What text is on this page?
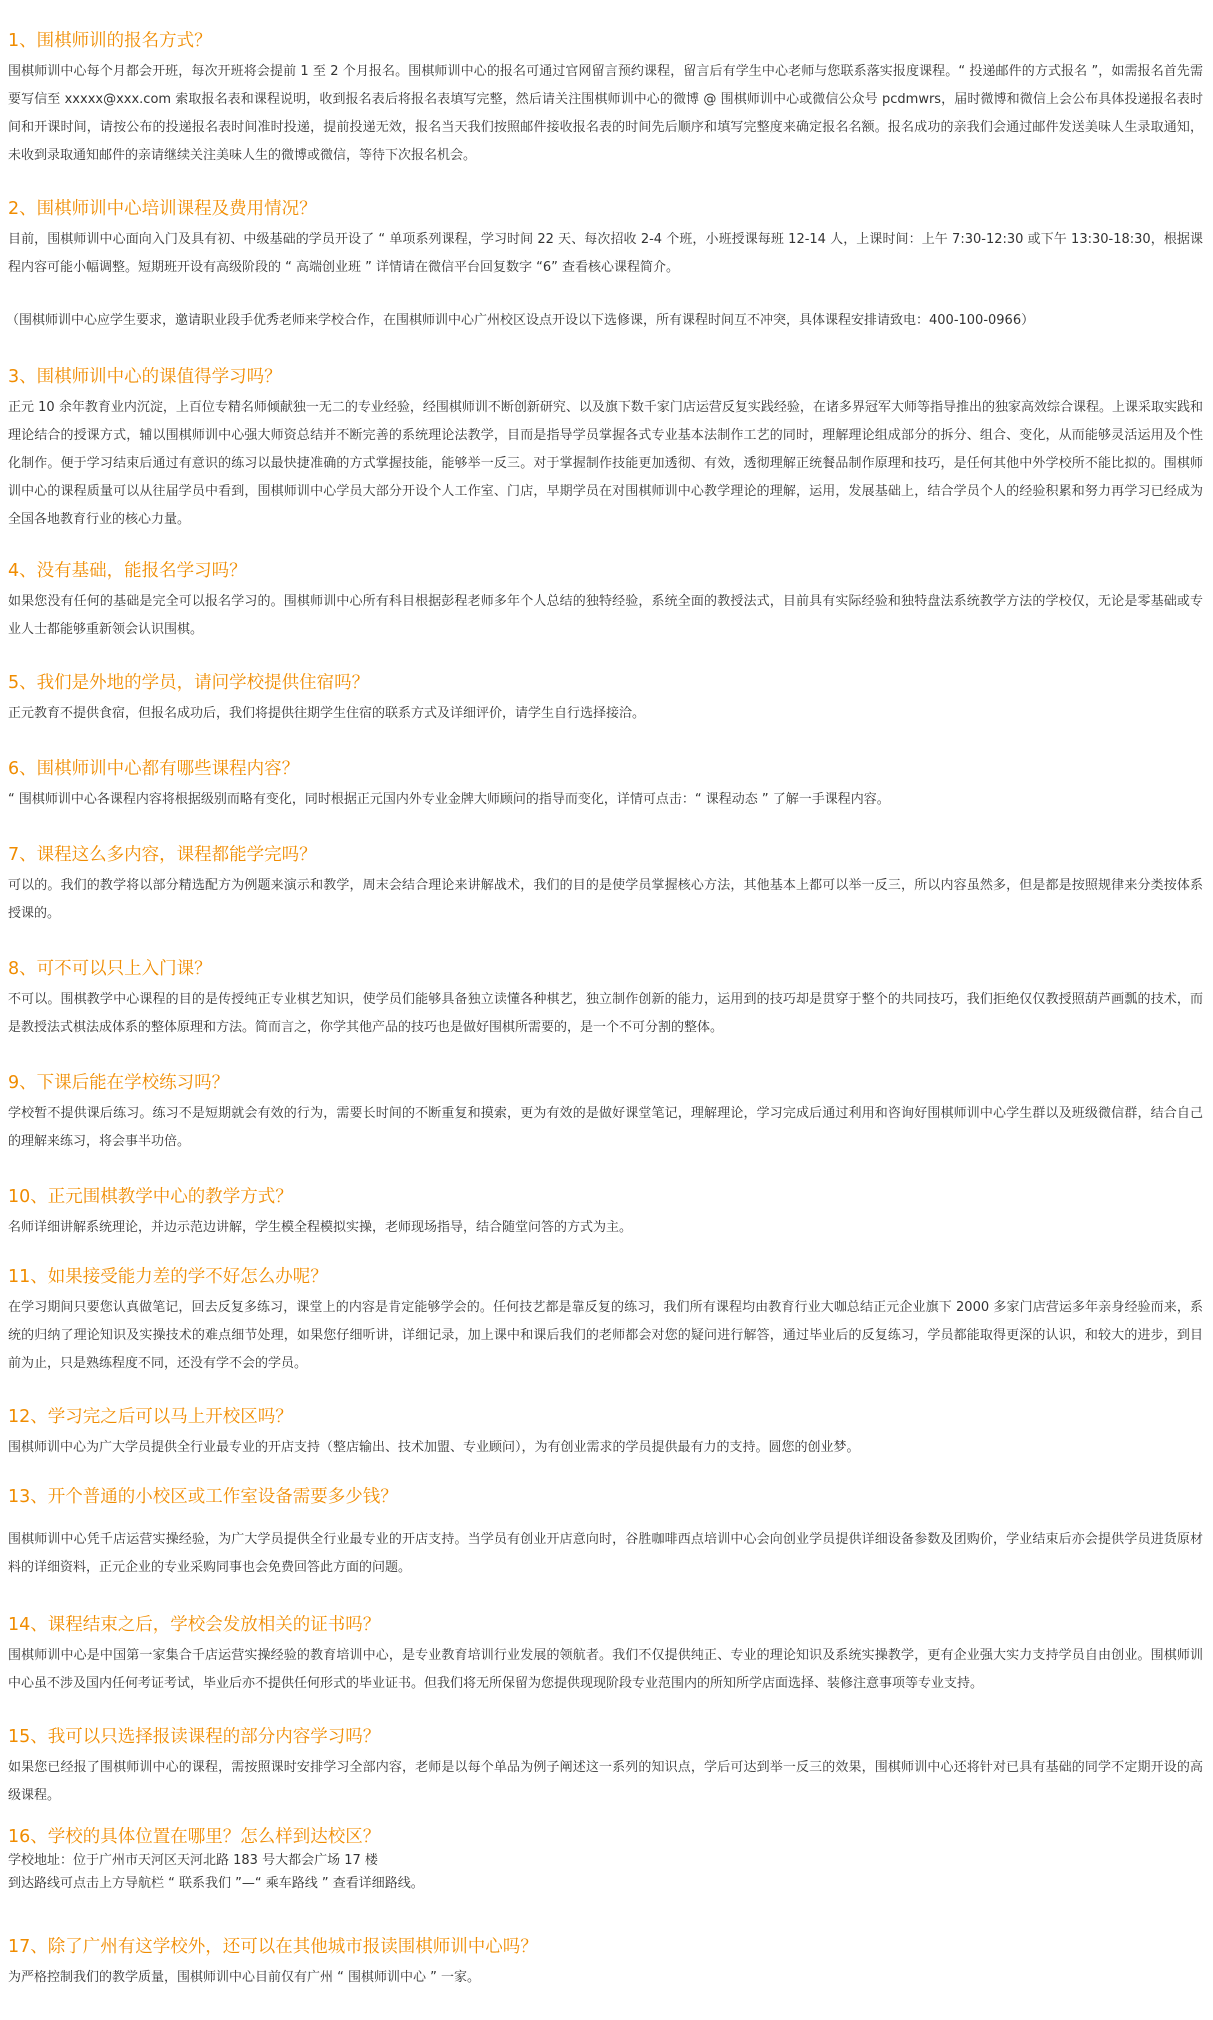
1、围棋师训的报名方式？

围棋师训中心每个月都会开班，每次开班将会提前 1 至 2 个月报名。围棋师训中心的报名可通过官网留言预约课程，留言后有学生中心老师与您联系落实报度课程。“ 投递邮件的方式报名 ”，如需报名首先需要写信至 xxxxx@xxx.com 索取报名表和课程说明，收到报名表后将报名表填写完整，然后请关注围棋师训中心的微博 @ 围棋师训中心或微信公众号 pcdmwrs，届时微博和微信上会公布具体投递报名表时间和开课时间，请按公布的投递报名表时间准时投递，提前投递无效，报名当天我们按照邮件接收报名表的时间先后顺序和填写完整度来确定报名名额。报名成功的亲我们会通过邮件发送美味人生录取通知，未收到录取通知邮件的亲请继续关注美味人生的微博或微信，等待下次报名机会。

2、围棋师训中心培训课程及费用情况？

目前，围棋师训中心面向入门及具有初、中级基础的学员开设了 “ 单项系列课程，学习时间 22 天、每次招收 2-4 个班，小班授课每班 12-14 人，上课时间：上午 7:30-12:30 或下午 13:30-18:30，根据课程内容可能小幅调整。短期班开设有高级阶段的 “ 高端创业班 ” 详情请在微信平台回复数字 “6” 查看核心课程简介。

（围棋师训中心应学生要求，邀请职业段手优秀老师来学校合作，在围棋师训中心广州校区设点开设以下选修课，所有课程时间互不冲突，具体课程安排请致电：400-100-0966）

3、围棋师训中心的课值得学习吗？

正元 10 余年教育业内沉淀，上百位专精名师倾献独一无二的专业经验，经围棋师训不断创新研究、以及旗下数千家门店运营反复实践经验，在诸多界冠军大师等指导推出的独家高效综合课程。上课采取实践和理论结合的授课方式，辅以围棋师训中心强大师资总结并不断完善的系统理论法教学，目而是指导学员掌握各式专业基本法制作工艺的同时，理解理论组成部分的拆分、组合、变化，从而能够灵活运用及个性化制作。便于学习结束后通过有意识的练习以最快捷准确的方式掌握技能，能够举一反三。对于掌握制作技能更加透彻、有效，透彻理解正统餐品制作原理和技巧，是任何其他中外学校所不能比拟的。围棋师训中心的课程质量可以从往届学员中看到，围棋师训中心学员大部分开设个人工作室、门店，早期学员在对围棋师训中心教学理论的理解，运用，发展基础上，结合学员个人的经验积累和努力再学习已经成为全国各地教育行业的核心力量。

4、没有基础，能报名学习吗？

如果您没有任何的基础是完全可以报名学习的。围棋师训中心所有科目根据彭程老师多年个人总结的独特经验，系统全面的教授法式，目前具有实际经验和独特盘法系统教学方法的学校仅，无论是零基础或专业人士都能够重新领会认识围棋。

5、我们是外地的学员，请问学校提供住宿吗？

正元教育不提供食宿，但报名成功后，我们将提供往期学生住宿的联系方式及详细评价，请学生自行选择接洽。

6、围棋师训中心都有哪些课程内容？

“ 围棋师训中心各课程内容将根据级别而略有变化，同时根据正元国内外专业金牌大师顾问的指导而变化，详情可点击：“ 课程动态 ” 了解一手课程内容。

7、课程这么多内容，课程都能学完吗？

可以的。我们的教学将以部分精选配方为例题来演示和教学，周末会结合理论来讲解战术，我们的目的是使学员掌握核心方法，其他基本上都可以举一反三，所以内容虽然多，但是都是按照规律来分类按体系授课的。

8、可不可以只上入门课？

不可以。围棋教学中心课程的目的是传授纯正专业棋艺知识，使学员们能够具备独立读懂各种棋艺，独立制作创新的能力，运用到的技巧却是贯穿于整个的共同技巧，我们拒绝仅仅教授照葫芦画瓢的技术，而是教授法式棋法成体系的整体原理和方法。简而言之，你学其他产品的技巧也是做好围棋所需要的，是一个不可分割的整体。

9、下课后能在学校练习吗？

学校暂不提供课后练习。练习不是短期就会有效的行为，需要长时间的不断重复和摸索，更为有效的是做好课堂笔记，理解理论，学习完成后通过利用和咨询好围棋师训中心学生群以及班级微信群，结合自己的理解来练习，将会事半功倍。

10、正元围棋教学中心的教学方式？

名师详细讲解系统理论，并边示范边讲解，学生模全程模拟实操，老师现场指导，结合随堂问答的方式为主。

11、如果接受能力差的学不好怎么办呢？

在学习期间只要您认真做笔记，回去反复多练习，课堂上的内容是肯定能够学会的。任何技艺都是靠反复的练习，我们所有课程均由教育行业大咖总结正元企业旗下 2000 多家门店营运多年亲身经验而来，系统的归纳了理论知识及实操技术的难点细节处理，如果您仔细听讲，详细记录，加上课中和课后我们的老师都会对您的疑问进行解答，通过毕业后的反复练习，学员都能取得更深的认识，和较大的进步，到目前为止，只是熟练程度不同，还没有学不会的学员。

12、学习完之后可以马上开校区吗？

围棋师训中心为广大学员提供全行业最专业的开店支持（整店输出、技术加盟、专业顾问），为有创业需求的学员提供最有力的支持。圆您的创业梦。

13、开个普通的小校区或工作室设备需要多少钱？

围棋师训中心凭千店运营实操经验，为广大学员提供全行业最专业的开店支持。当学员有创业开店意向时，谷胜咖啡西点培训中心会向创业学员提供详细设备参数及团购价，学业结束后亦会提供学员进货原材料的详细资料，正元企业的专业采购同事也会免费回答此方面的问题。

14、课程结束之后，学校会发放相关的证书吗？

围棋师训中心是中国第一家集合千店运营实操经验的教育培训中心，是专业教育培训行业发展的领航者。我们不仅提供纯正、专业的理论知识及系统实操教学，更有企业强大实力支持学员自由创业。围棋师训中心虽不涉及国内任何考证考试，毕业后亦不提供任何形式的毕业证书。但我们将无所保留为您提供现现阶段专业范围内的所知所学店面选择、装修注意事项等专业支持。

15、我可以只选择报读课程的部分内容学习吗？

如果您已经报了围棋师训中心的课程，需按照课时安排学习全部内容，老师是以每个单品为例子阐述这一系列的知识点，学后可达到举一反三的效果，围棋师训中心还将针对已具有基础的同学不定期开设的高级课程。

16、学校的具体位置在哪里？怎么样到达校区？

学校地址：位于广州市天河区天河北路 183 号大都会广场 17 楼

到达路线可点击上方导航栏 “ 联系我们 ”—“ 乘车路线 ” 查看详细路线。

17、除了广州有这学校外，还可以在其他城市报读围棋师训中心吗？

为严格控制我们的教学质量，围棋师训中心目前仅有广州 “ 围棋师训中心 ” 一家。
